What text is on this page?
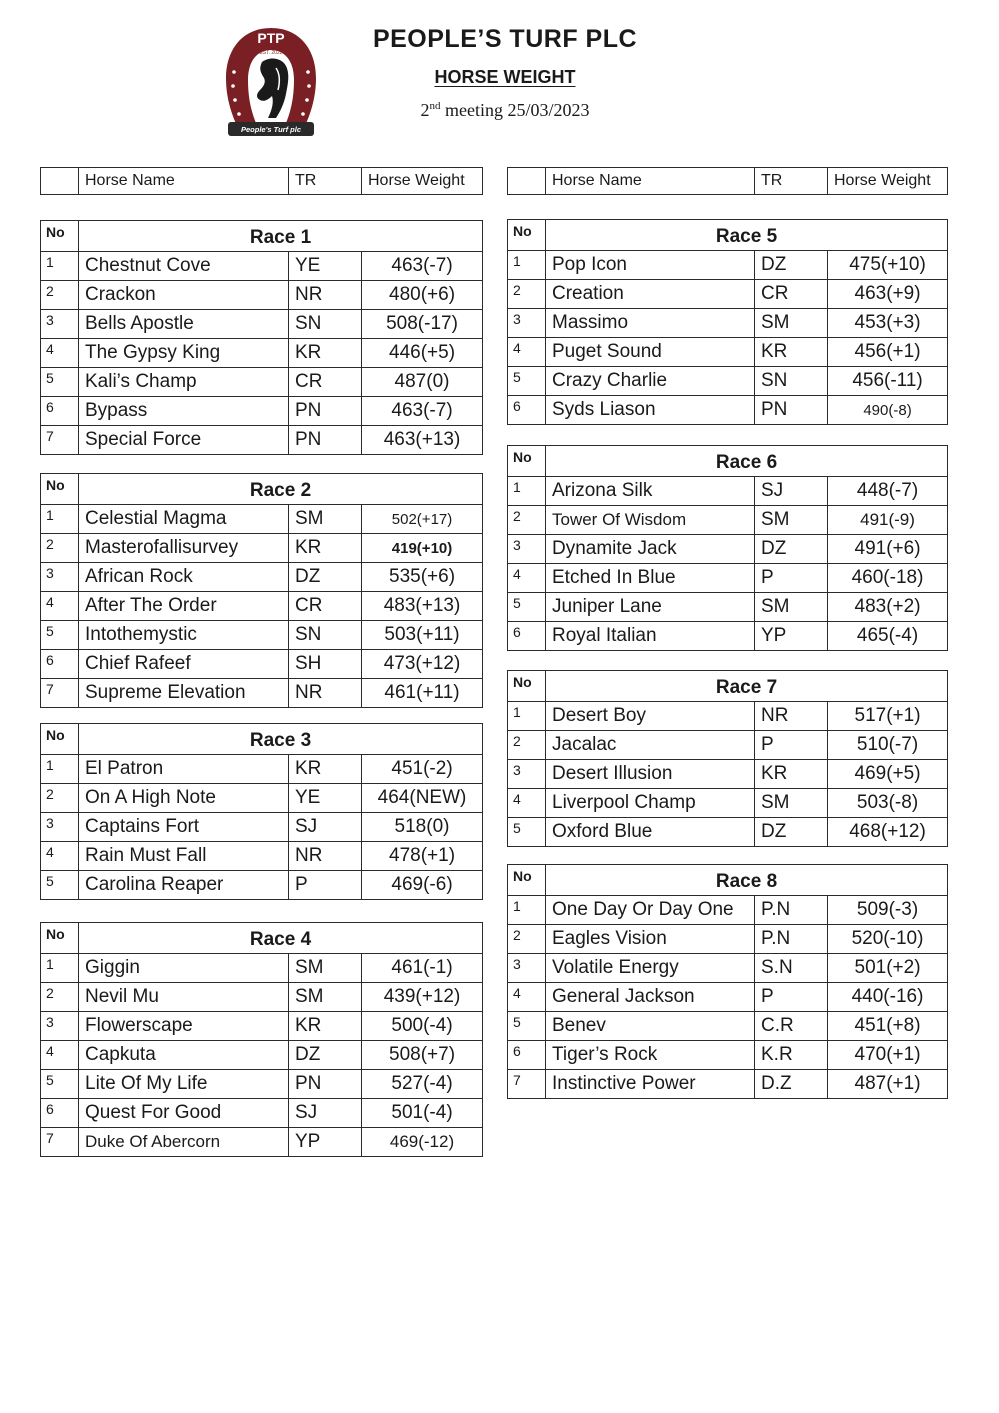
PTP
EST. 2022
People's Turf plc
PEOPLE’S TURF PLC
HORSE WEIGHT
2nd meeting 25/03/2023
	Horse Name	TR	Horse Weight
		Horse Name	TR	Horse Weight
No	Race 1		
1	Chestnut Cove	YE	463(-7)
2	Crackon	NR	480(+6)
3	Bells Apostle	SN	508(-17)
4	The Gypsy King	KR	446(+5)
5	Kali’s Champ	CR	487(0)
6	Bypass	PN	463(-7)
7	Special Force	PN	463(+13)
No	Race 2		
1	Celestial Magma	SM	502(+17)
2	Masterofallisurvey	KR	419(+10)
3	African Rock	DZ	535(+6)
4	After The Order	CR	483(+13)
5	Intothemystic	SN	503(+11)
6	Chief Rafeef	SH	473(+12)
7	Supreme Elevation	NR	461(+11)
No	Race 3		
1	El Patron	KR	451(-2)
2	On A High Note	YE	464(NEW)
3	Captains Fort	SJ	518(0)
4	Rain Must Fall	NR	478(+1)
5	Carolina Reaper	P	469(-6)
No	Race 4		
1	Giggin	SM	461(-1)
2	Nevil Mu	SM	439(+12)
3	Flowerscape	KR	500(-4)
4	Capkuta	DZ	508(+7)
5	Lite Of My Life	PN	527(-4)
6	Quest For Good	SJ	501(-4)
7	Duke Of Abercorn	YP	469(-12)
No	Race 5		
1	Pop Icon	DZ	475(+10)
2	Creation	CR	463(+9)
3	Massimo	SM	453(+3)
4	Puget Sound	KR	456(+1)
5	Crazy Charlie	SN	456(-11)
6	Syds Liason	PN	490(-8)
No	Race 6		
1	Arizona Silk	SJ	448(-7)
2	Tower Of Wisdom	SM	491(-9)
3	Dynamite Jack	DZ	491(+6)
4	Etched In Blue	P	460(-18)
5	Juniper Lane	SM	483(+2)
6	Royal Italian	YP	465(-4)
No	Race 7		
1	Desert Boy	NR	517(+1)
2	Jacalac	P	510(-7)
3	Desert Illusion	KR	469(+5)
4	Liverpool Champ	SM	503(-8)
5	Oxford Blue	DZ	468(+12)
No	Race 8		
1	One Day Or Day One	P.N	509(-3)
2	Eagles Vision	P.N	520(-10)
3	Volatile Energy	S.N	501(+2)
4	General Jackson	P	440(-16)
5	Benev	C.R	451(+8)
6	Tiger’s Rock	K.R	470(+1)
7	Instinctive Power	D.Z	487(+1)
